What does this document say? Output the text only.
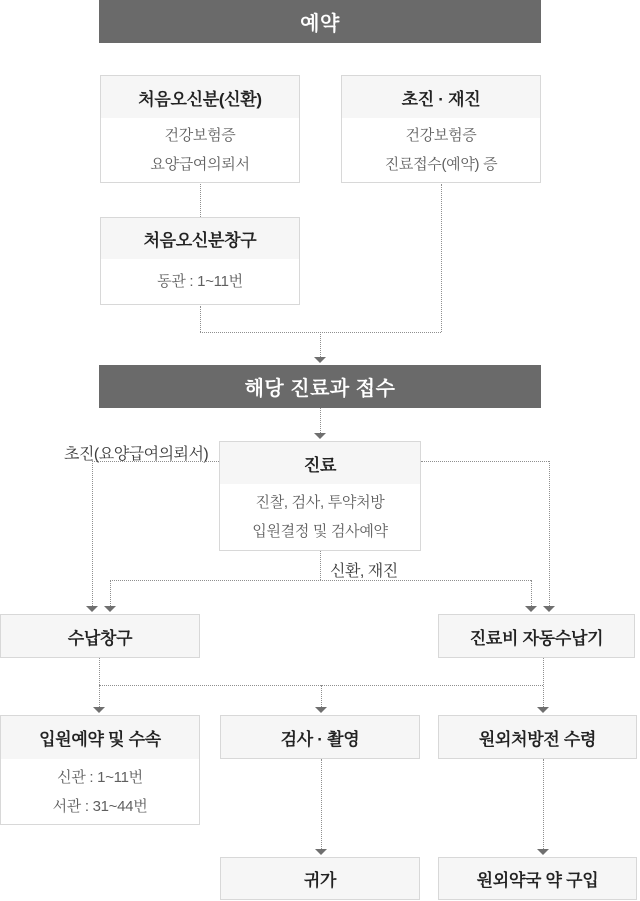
예약
처음오신분(신환)
건강보험증
요양급여의뢰서
초진 · 재진
건강보험증
진료접수(예약) 증
처음오신분창구
동관 : 1~11번
해당 진료과 접수
진료
진찰, 검사, 투약처방
입원결정 및 검사예약
초진(요양급여의뢰서)
신환, 재진
수납창구	진료비 자동수납기
입원예약 및 수속
신관 : 1~11번
서관 : 31~44번
검사 · 촬영	원외처방전 수령
귀가	원외약국 약 구입
